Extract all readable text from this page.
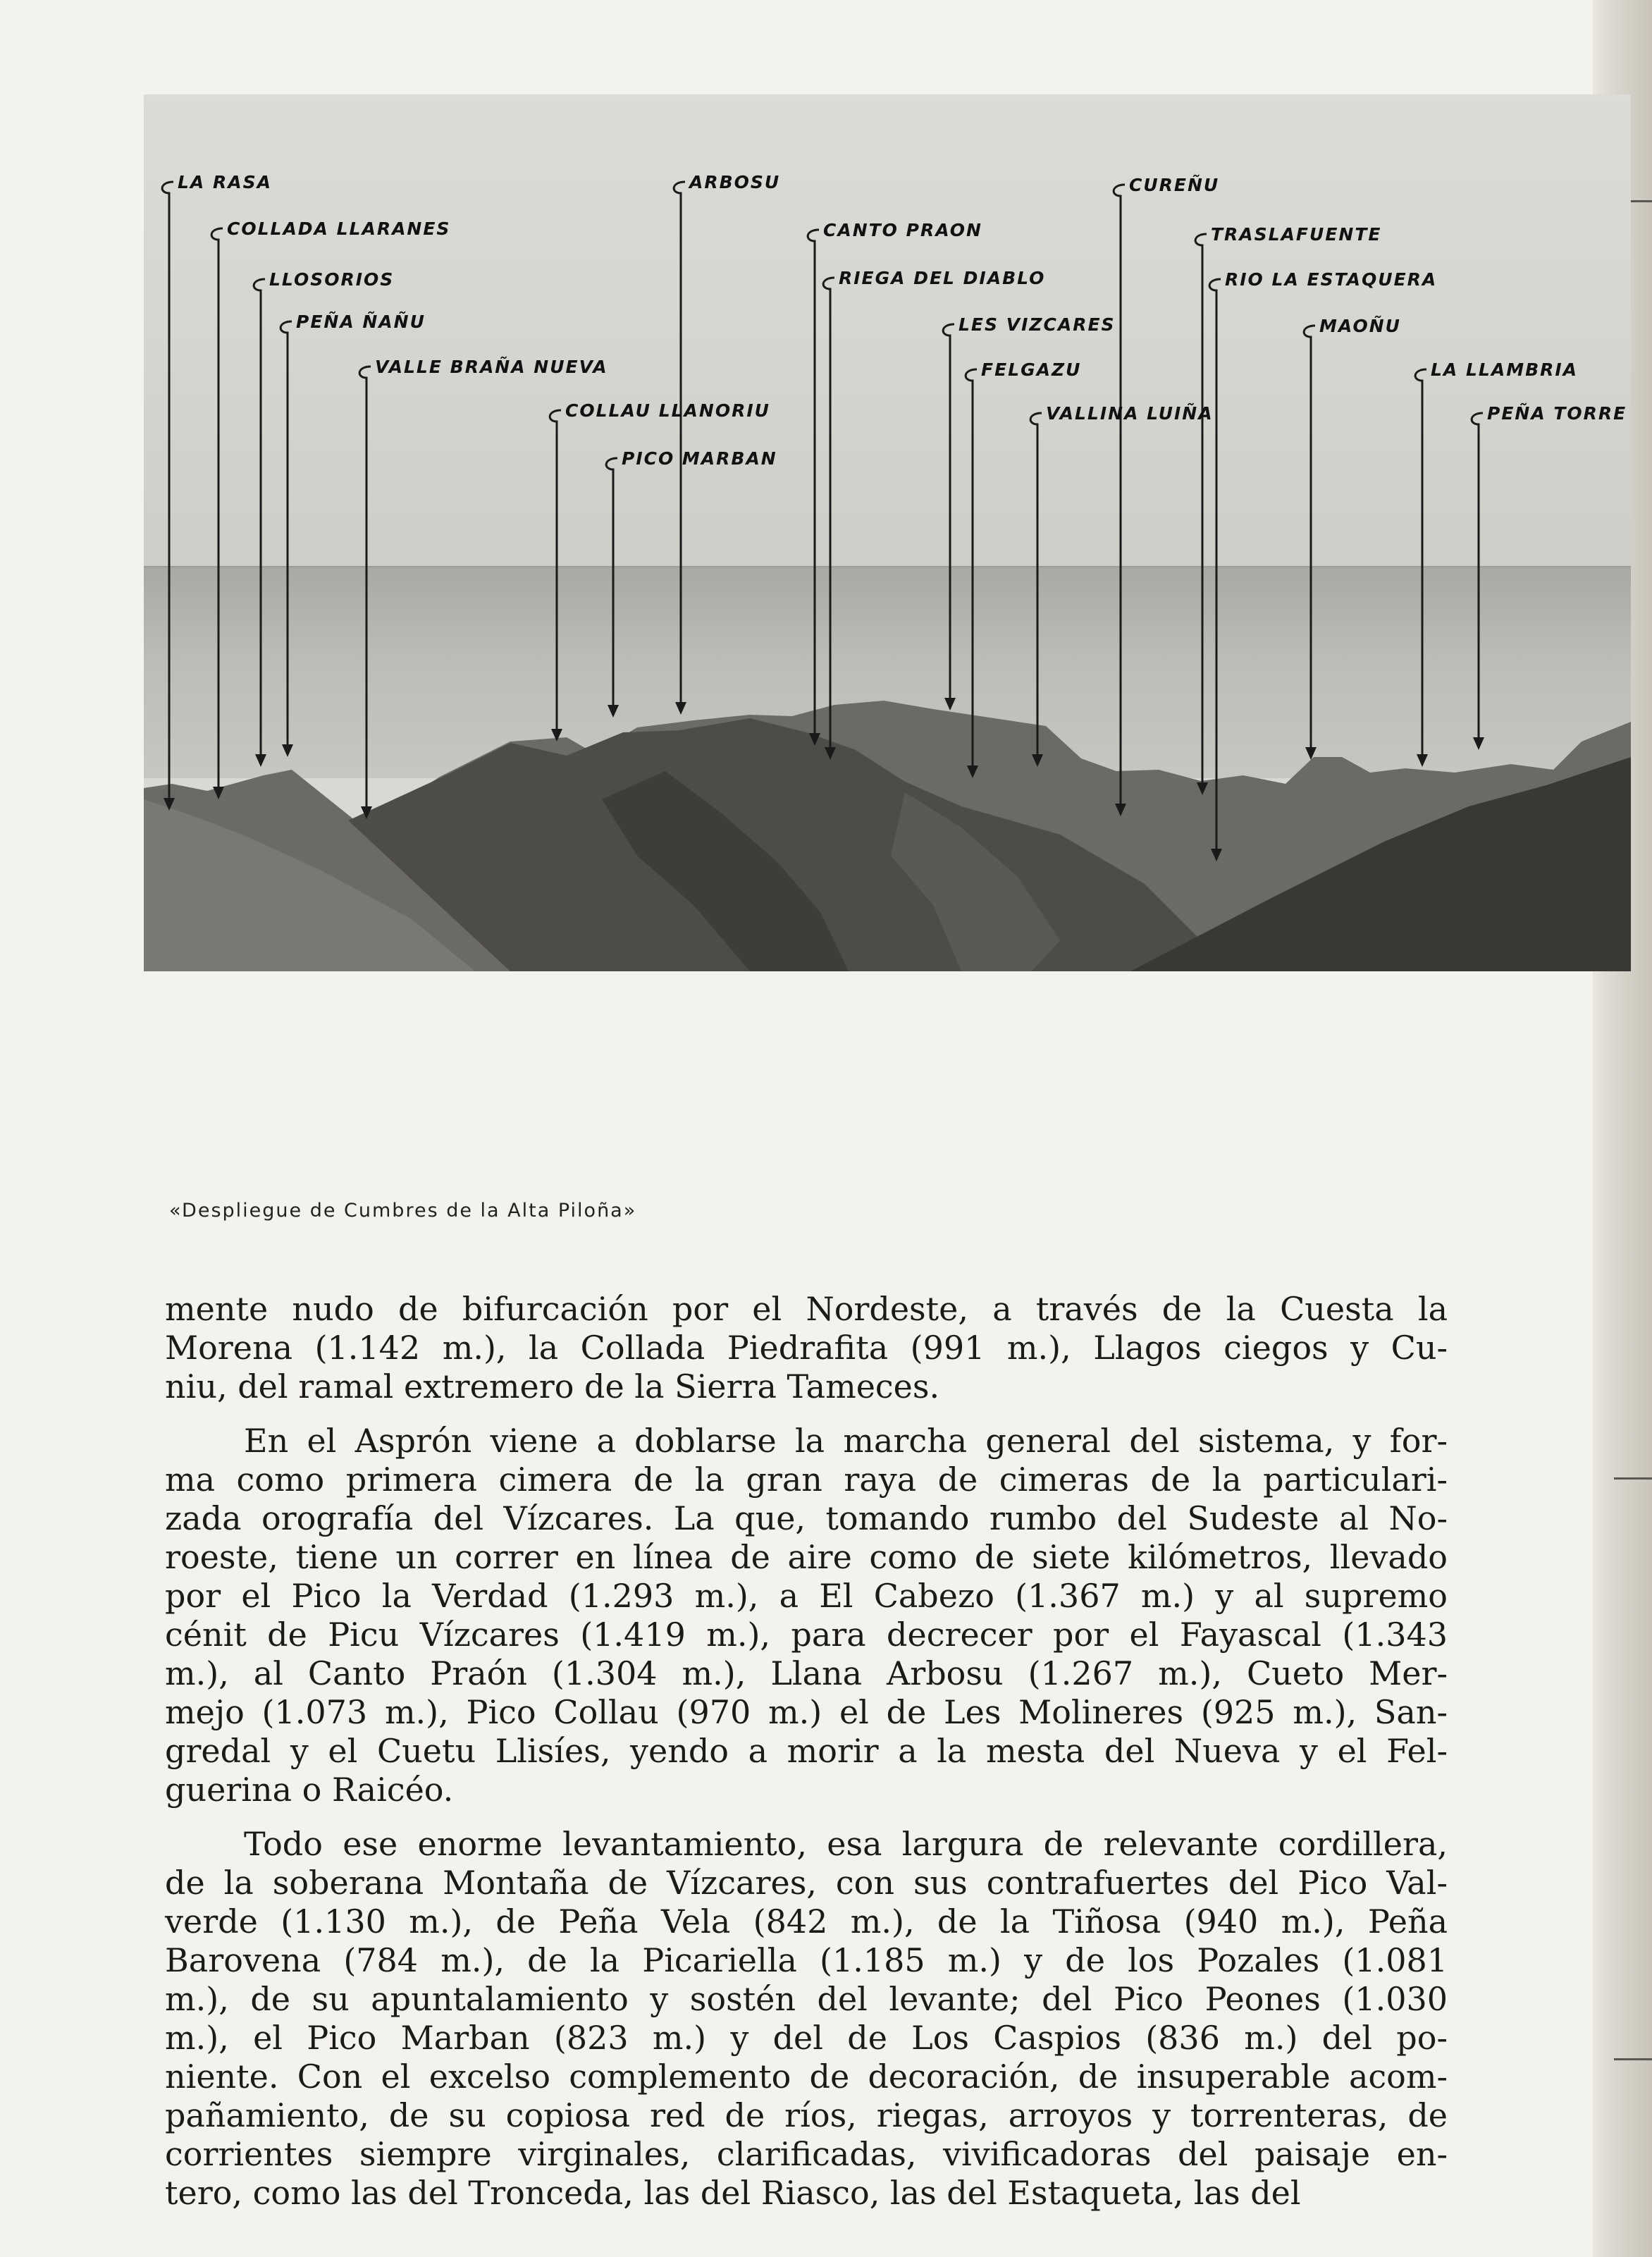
LA RASA
COLLADA LLARANES
LLOSORIOS
PEÑA ÑAÑU
VALLE BRAÑA NUEVA
COLLAU LLANORIU
PICO MARBAN
ARBOSU
CANTO PRAON
RIEGA DEL DIABLO
LES VIZCARES
FELGAZU
VALLINA LUIÑA
CUREÑU
TRASLAFUENTE
RIO LA ESTAQUERA
MAOÑU
LA LLAMBRIA
PEÑA TORRE

«Despliegue de Cumbres de la Alta Piloña»

mente nudo de bifurcación por el Nordeste, a través de la Cuesta la
Morena (1.142 m.), la Collada Piedrafita (991 m.), Llagos ciegos y Cu-
niu, del ramal extremero de la Sierra Tameces.
En el Asprón viene a doblarse la marcha general del sistema, y for-
ma como primera cimera de la gran raya de cimeras de la particulari-
zada orografía del Vízcares. La que, tomando rumbo del Sudeste al No-
roeste, tiene un correr en línea de aire como de siete kilómetros, llevado
por el Pico la Verdad (1.293 m.), a El Cabezo (1.367 m.) y al supremo
cénit de Picu Vízcares (1.419 m.), para decrecer por el Fayascal (1.343
m.), al Canto Praón (1.304 m.), Llana Arbosu (1.267 m.), Cueto Mer-
mejo (1.073 m.), Pico Collau (970 m.) el de Les Molineres (925 m.), San-
gredal y el Cuetu Llisíes, yendo a morir a la mesta del Nueva y el Fel-
guerina o Raicéo.
Todo ese enorme levantamiento, esa largura de relevante cordillera,
de la soberana Montaña de Vízcares, con sus contrafuertes del Pico Val-
verde (1.130 m.), de Peña Vela (842 m.), de la Tiñosa (940 m.), Peña
Barovena (784 m.), de la Picariella (1.185 m.) y de los Pozales (1.081
m.), de su apuntalamiento y sostén del levante; del Pico Peones (1.030
m.), el Pico Marban (823 m.) y del de Los Caspios (836 m.) del po-
niente. Con el excelso complemento de decoración, de insuperable acom-
pañamiento, de su copiosa red de ríos, riegas, arroyos y torrenteras, de
corrientes siempre virginales, clarificadas, vivificadoras del paisaje en-
tero, como las del Tronceda, las del Riasco, las del Estaqueta, las del
